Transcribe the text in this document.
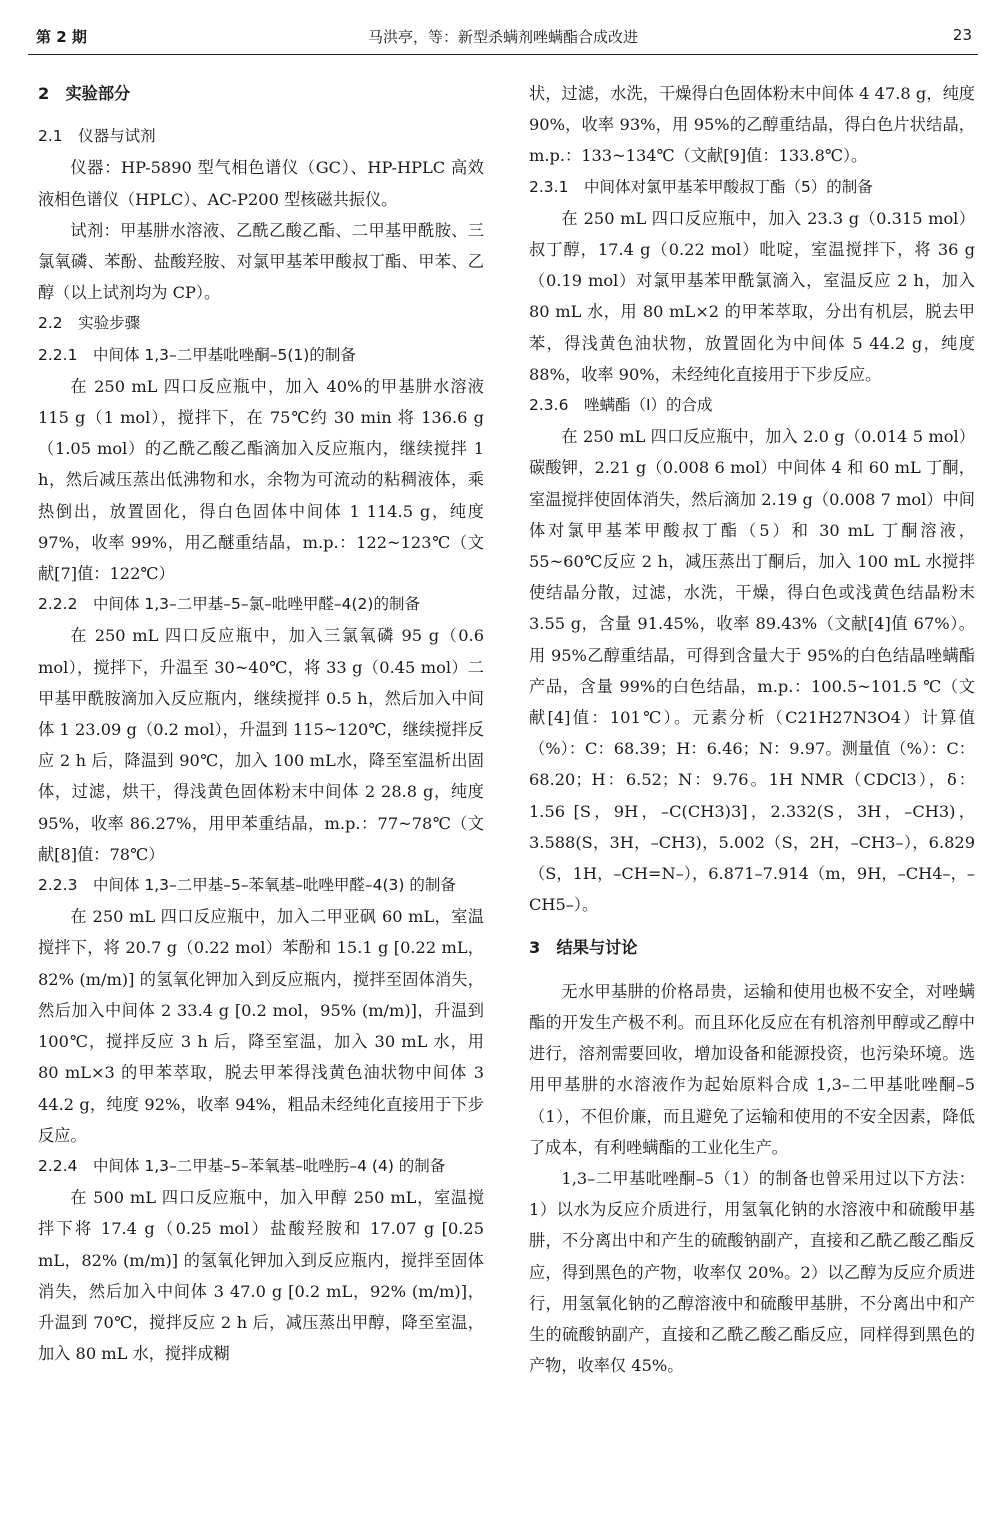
第 2 期	马洪亭，等：新型杀螨剂唑螨酯合成改进	23
2　实验部分
2.1　仪器与试剂

仪器：HP-5890 型气相色谱仪（GC）、HP-HPLC 高效液相色谱仪（HPLC）、AC-P200 型核磁共振仪。

试剂：甲基肼水溶液、乙酰乙酸乙酯、二甲基甲酰胺、三氯氧磷、苯酚、盐酸羟胺、对氯甲基苯甲酸叔丁酯、甲苯、乙醇（以上试剂均为 CP）。

2.2　实验步骤
2.2.1　中间体 1,3–二甲基吡唑酮–5(1)的制备

在 250 mL 四口反应瓶中，加入 40%的甲基肼水溶液 115 g（1 mol），搅拌下，在 75℃约 30 min 将 136.6 g（1.05 mol）的乙酰乙酸乙酯滴加入反应瓶内，继续搅拌 1 h，然后减压蒸出低沸物和水，余物为可流动的粘稠液体，乘热倒出，放置固化，得白色固体中间体 1 114.5 g，纯度 97%，收率 99%，用乙醚重结晶，m.p.：122~123℃（文献[7]值：122℃）

2.2.2　中间体 1,3–二甲基–5–氯–吡唑甲醛–4(2)的制备

在 250 mL 四口反应瓶中，加入三氯氧磷 95 g（0.6 mol），搅拌下，升温至 30~40℃，将 33 g（0.45 mol）二甲基甲酰胺滴加入反应瓶内，继续搅拌 0.5 h，然后加入中间体 1 23.09 g（0.2 mol），升温到 115~120℃，继续搅拌反应 2 h 后，降温到 90℃，加入 100 mL水，降至室温析出固体，过滤，烘干，得浅黄色固体粉末中间体 2 28.8 g，纯度 95%，收率 86.27%，用甲苯重结晶，m.p.：77~78℃（文献[8]值：78℃）

2.2.3　中间体 1,3–二甲基–5–苯氧基–吡唑甲醛–4(3) 的制备

在 250 mL 四口反应瓶中，加入二甲亚砜 60 mL，室温搅拌下，将 20.7 g（0.22 mol）苯酚和 15.1 g [0.22 mL，82% (m/m)] 的氢氧化钾加入到反应瓶内，搅拌至固体消失，然后加入中间体 2 33.4 g [0.2 mol，95% (m/m)]，升温到 100℃，搅拌反应 3 h 后，降至室温，加入 30 mL 水，用 80 mL×3 的甲苯萃取，脱去甲苯得浅黄色油状物中间体 3 44.2 g，纯度 92%，收率 94%，粗品未经纯化直接用于下步反应。

2.2.4　中间体 1,3–二甲基–5–苯氧基–吡唑肟–4 (4) 的制备

在 500 mL 四口反应瓶中，加入甲醇 250 mL，室温搅拌下将 17.4 g（0.25 mol）盐酸羟胺和 17.07 g [0.25 mL，82% (m/m)] 的氢氧化钾加入到反应瓶内，搅拌至固体消失，然后加入中间体 3 47.0 g [0.2 mL，92% (m/m)]，升温到 70℃，搅拌反应 2 h 后，减压蒸出甲醇，降至室温，加入 80 mL 水，搅拌成糊

状，过滤，水洗，干燥得白色固体粉末中间体 4 47.8 g，纯度 90%，收率 93%，用 95%的乙醇重结晶，得白色片状结晶，m.p.：133~134℃（文献[9]值：133.8℃）。

2.3.1　中间体对氯甲基苯甲酸叔丁酯（5）的制备

在 250 mL 四口反应瓶中，加入 23.3 g（0.315 mol）叔丁醇，17.4 g（0.22 mol）吡啶，室温搅拌下，将 36 g（0.19 mol）对氯甲基苯甲酰氯滴入，室温反应 2 h，加入 80 mL 水，用 80 mL×2 的甲苯萃取，分出有机层，脱去甲苯，得浅黄色油状物，放置固化为中间体 5 44.2 g，纯度 88%，收率 90%，未经纯化直接用于下步反应。

2.3.6　唑螨酯（I）的合成

在 250 mL 四口反应瓶中，加入 2.0 g（0.014 5 mol）碳酸钾，2.21 g（0.008 6 mol）中间体 4 和 60 mL 丁酮，室温搅拌使固体消失，然后滴加 2.19 g（0.008 7 mol）中间体对氯甲基苯甲酸叔丁酯（5）和 30 mL 丁酮溶液，55~60℃反应 2 h，减压蒸出丁酮后，加入 100 mL 水搅拌使结晶分散，过滤，水洗，干燥，得白色或浅黄色结晶粉末 3.55 g，含量 91.45%，收率 89.43%（文献[4]值 67%）。用 95%乙醇重结晶，可得到含量大于 95%的白色结晶唑螨酯产品，含量 99%的白色结晶，m.p.：100.5~101.5 ℃（文献[4]值：101℃）。元素分析（C21H27N3O4）计算值（%）：C：68.39；H：6.46；N：9.97。测量值（%）：C：68.20；H：6.52；N：9.76。1H NMR（CDCl3），δ：1.56 [S，9H，–C(CH3)3]，2.332(S，3H，–CH3)，3.588(S，3H，–CH3)，5.002（S，2H，–CH3–），6.829（S，1H，–CH=N–），6.871–7.914（m，9H，–CH4–，–CH5–）。

3　结果与讨论

无水甲基肼的价格昂贵，运输和使用也极不安全，对唑螨酯的开发生产极不利。而且环化反应在有机溶剂甲醇或乙醇中进行，溶剂需要回收，增加设备和能源投资，也污染环境。选用甲基肼的水溶液作为起始原料合成 1,3–二甲基吡唑酮–5（1），不但价廉，而且避免了运输和使用的不安全因素，降低了成本，有利唑螨酯的工业化生产。

1,3–二甲基吡唑酮–5（1）的制备也曾采用过以下方法：1）以水为反应介质进行，用氢氧化钠的水溶液中和硫酸甲基肼，不分离出中和产生的硫酸钠副产，直接和乙酰乙酸乙酯反应，得到黑色的产物，收率仅 20%。2）以乙醇为反应介质进行，用氢氧化钠的乙醇溶液中和硫酸甲基肼，不分离出中和产生的硫酸钠副产，直接和乙酰乙酸乙酯反应，同样得到黑色的产物，收率仅 45%。
